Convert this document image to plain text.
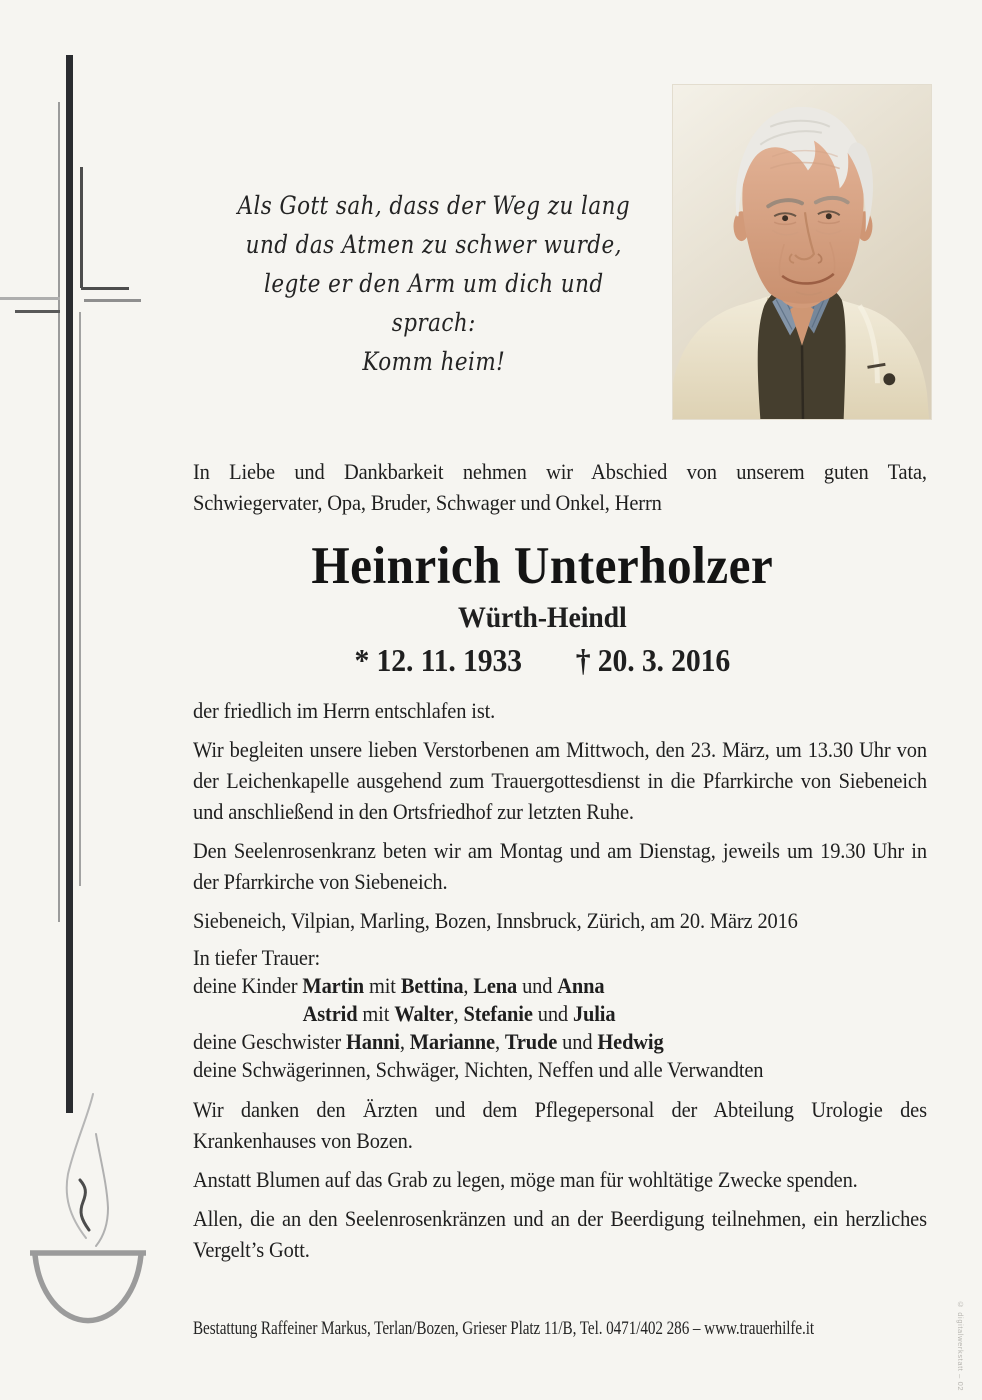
Als Gott sah, dass der Weg zu lang
und das Atmen zu schwer wurde,
legte er den Arm um dich und sprach:
Komm heim!
In Liebe und Dankbarkeit nehmen wir Abschied von unserem guten Tata,
Schwiegervater, Opa, Bruder, Schwager und Onkel, Herrn
Heinrich Unterholzer
Würth-Heindl
* 12. 11. 1933 † 20. 3. 2016

der friedlich im Herrn entschlafen ist.

Wir begleiten unsere lieben Verstorbenen am Mittwoch, den 23. März, um 13.30 Uhr von der Leichenkapelle ausgehend zum Trauergottesdienst in die Pfarrkirche von Siebeneich und anschließend in den Ortsfriedhof zur letzten Ruhe.

Den Seelenrosenkranz beten wir am Montag und am Dienstag, jeweils um 19.30 Uhr in der Pfarrkirche von Siebeneich.

Siebeneich, Vilpian, Marling, Bozen, Innsbruck, Zürich, am 20. März 2016

In tiefer Trauer:
deine Kinder Martin mit Bettina, Lena und Anna
Astrid mit Walter, Stefanie und Julia
deine Geschwister Hanni, Marianne, Trude und Hedwig
deine Schwägerinnen, Schwäger, Nichten, Neffen und alle Verwandten

Wir danken den Ärzten und dem Pflegepersonal der Abteilung Urologie des Krankenhauses von Bozen.

Anstatt Blumen auf das Grab zu legen, möge man für wohltätige Zwecke spenden.

Allen, die an den Seelenrosenkränzen und an der Beerdigung teilnehmen, ein herzliches Vergelt’s Gott.

Bestattung Raffeiner Markus, Terlan/Bozen, Grieser Platz 11/B, Tel. 0471/402 286 – www.trauerhilfe.it	© digitalwerkstatt – 02
